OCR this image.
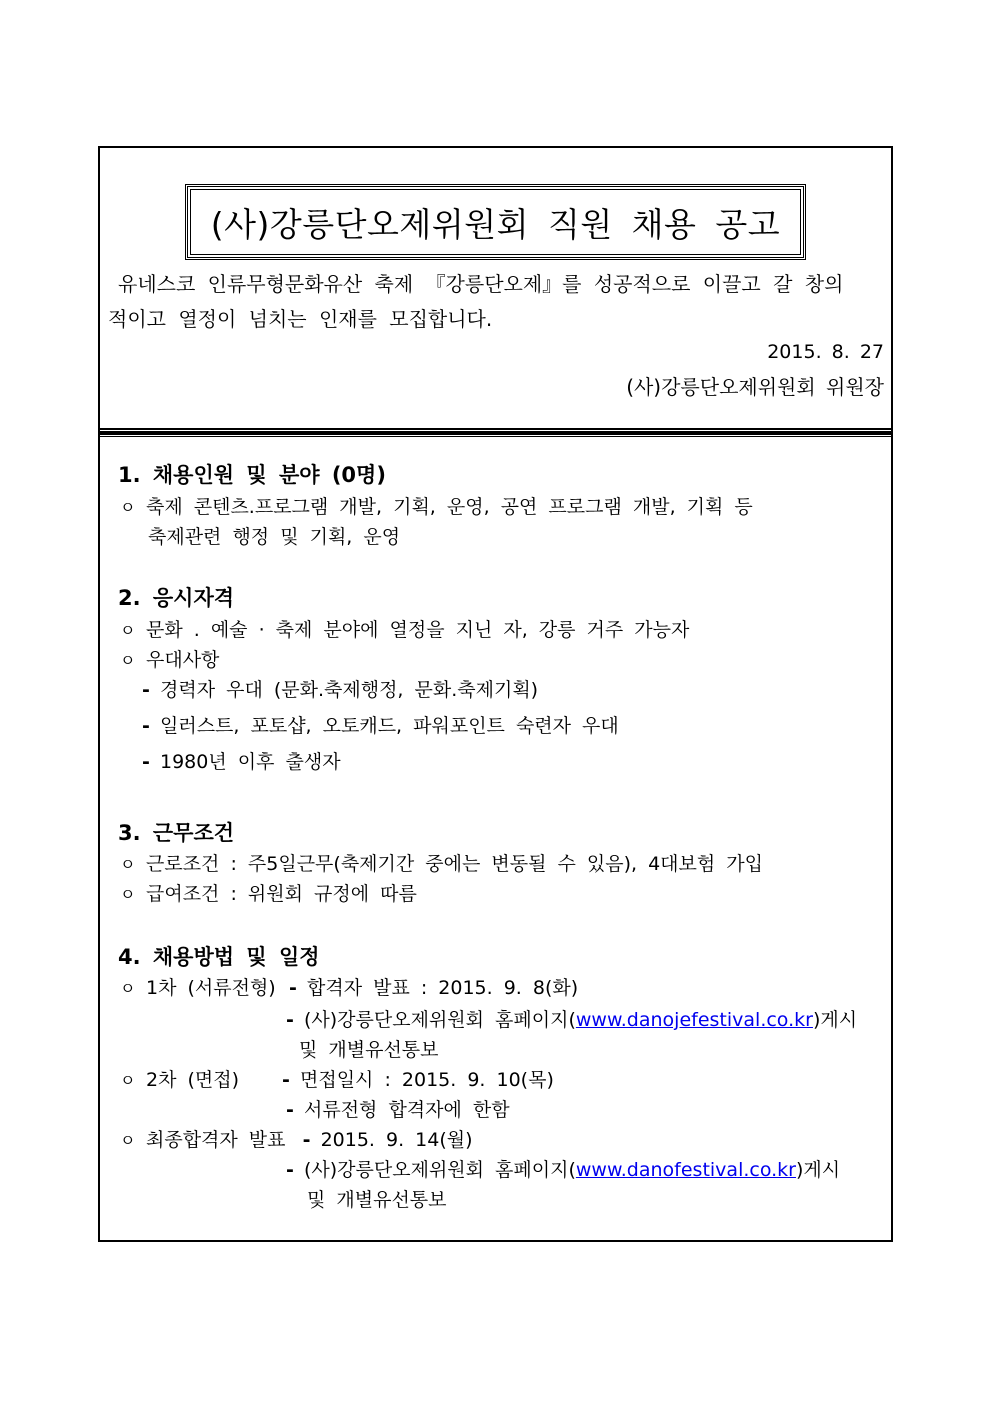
(사)강릉단오제위원회 직원 채용 공고
유네스코 인류무형문화유산 축제 『강릉단오제』를 성공적으로 이끌고 갈 창의
적이고 열정이 넘치는 인재를 모집합니다.
2015. 8. 27
(사)강릉단오제위원회 위원장
1. 채용인원 및 분야 (0명)
ㅇ 축제 콘텐츠.프로그램 개발, 기획, 운영, 공연 프로그램 개발, 기획 등
축제관련 행정 및 기획, 운영
2. 응시자격
ㅇ 문화 . 예술 · 축제 분야에 열정을 지닌 자, 강릉 거주 가능자
ㅇ 우대사항
- 경력자 우대 (문화.축제행정, 문화.축제기획)
- 일러스트, 포토샵, 오토캐드, 파워포인트 숙련자 우대
- 1980년 이후 출생자
3. 근무조건
ㅇ 근로조건 : 주5일근무(축제기간 중에는 변동될 수 있음), 4대보험 가입
ㅇ 급여조건 : 위원회 규정에 따름
4. 채용방법 및 일정
ㅇ 1차 (서류전형) - 합격자 발표 : 2015. 9. 8(화)
- (사)강릉단오제위원회 홈페이지(www.danojefestival.co.kr)게시
및 개별유선통보
ㅇ 2차 (면접) - 면접일시 : 2015. 9. 10(목)
- 서류전형 합격자에 한함
ㅇ 최종합격자 발표 - 2015. 9. 14(월)
- (사)강릉단오제위원회 홈페이지(www.danofestival.co.kr)게시
및 개별유선통보
